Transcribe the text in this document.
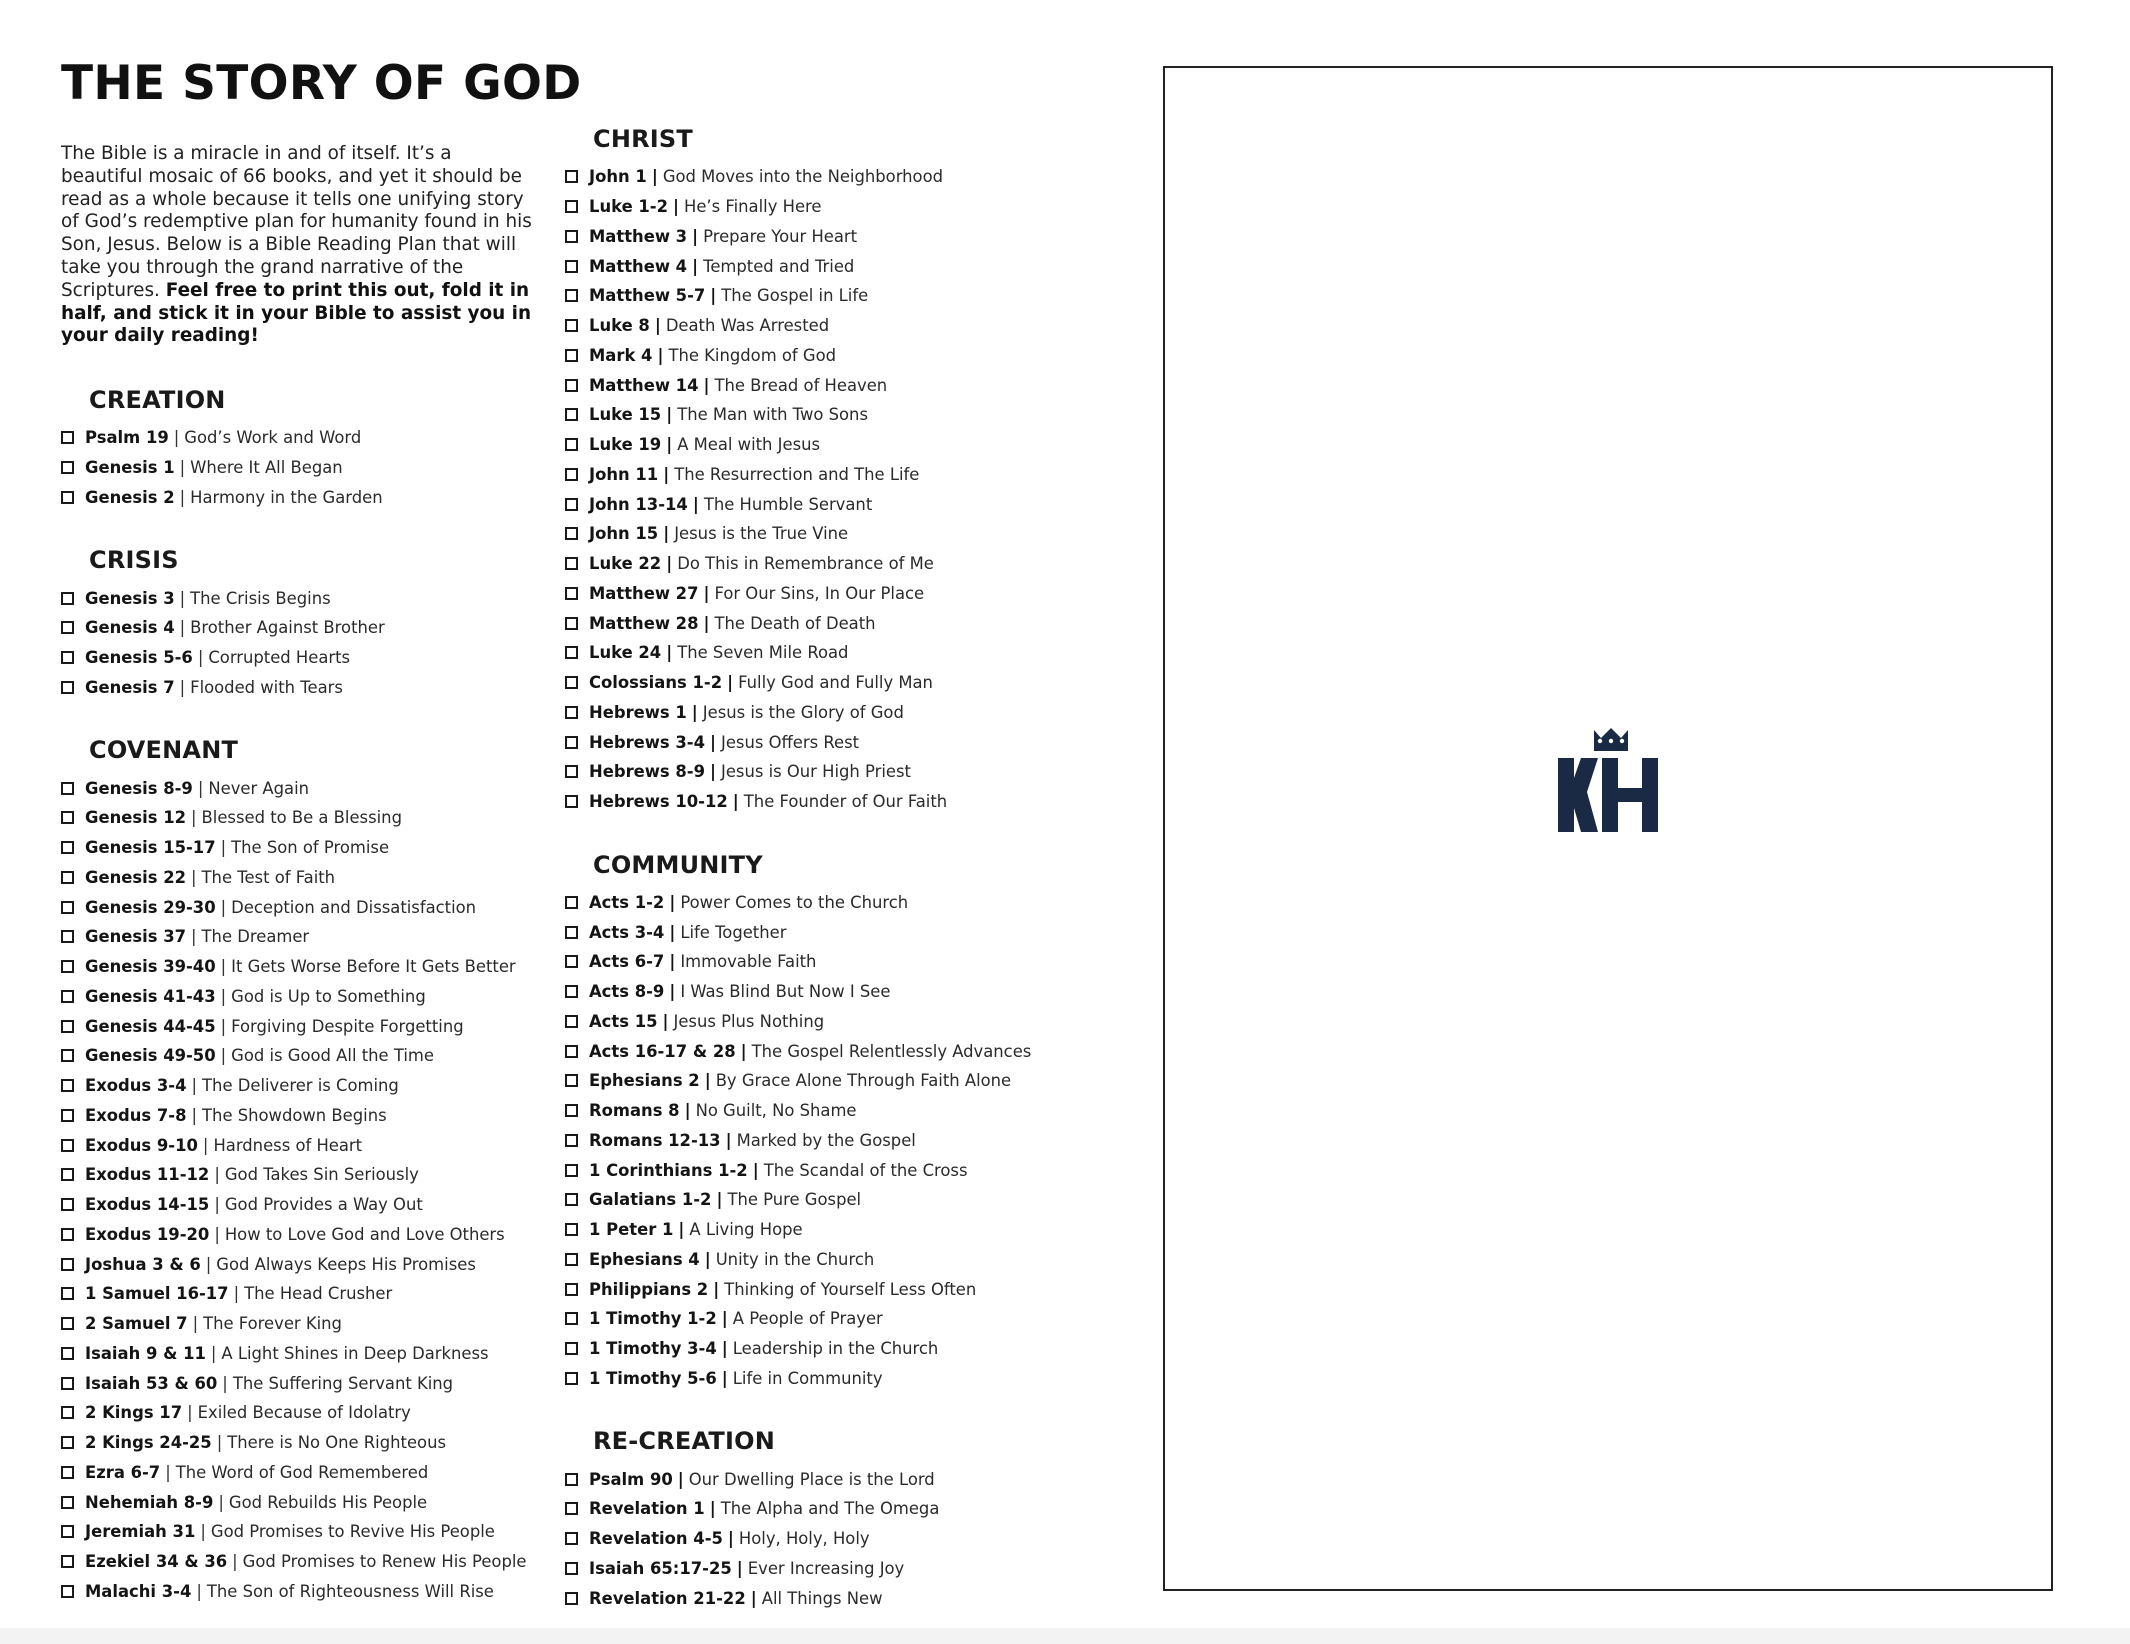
THE STORY OF GOD

The Bible is a miracle in and of itself. It’s a beautiful mosaic of 66 books, and yet it should be read as a whole because it tells one unifying story of God’s redemptive plan for humanity found in his Son, Jesus. Below is a Bible Reading Plan that will take you through the grand narrative of the Scriptures. Feel free to print this out, fold it in half, and stick it in your Bible to assist you in your daily reading!

CREATION
Psalm 19 | God’s Work and Word
Genesis 1 | Where It All Began
Genesis 2 | Harmony in the Garden
CRISIS
Genesis 3 | The Crisis Begins
Genesis 4 | Brother Against Brother
Genesis 5-6 | Corrupted Hearts
Genesis 7 | Flooded with Tears
COVENANT
Genesis 8-9 | Never Again
Genesis 12 | Blessed to Be a Blessing
Genesis 15-17 | The Son of Promise
Genesis 22 | The Test of Faith
Genesis 29-30 | Deception and Dissatisfaction
Genesis 37 | The Dreamer
Genesis 39-40 | It Gets Worse Before It Gets Better
Genesis 41-43 | God is Up to Something
Genesis 44-45 | Forgiving Despite Forgetting
Genesis 49-50 | God is Good All the Time
Exodus 3-4 | The Deliverer is Coming
Exodus 7-8 | The Showdown Begins
Exodus 9-10 | Hardness of Heart
Exodus 11-12 | God Takes Sin Seriously
Exodus 14-15 | God Provides a Way Out
Exodus 19-20 | How to Love God and Love Others
Joshua 3 & 6 | God Always Keeps His Promises
1 Samuel 16-17 | The Head Crusher
2 Samuel 7 | The Forever King
Isaiah 9 & 11 | A Light Shines in Deep Darkness
Isaiah 53 & 60 | The Suffering Servant King
2 Kings 17 | Exiled Because of Idolatry
2 Kings 24-25 | There is No One Righteous
Ezra 6-7 | The Word of God Remembered
Nehemiah 8-9 | God Rebuilds His People
Jeremiah 31 | God Promises to Revive His People
Ezekiel 34 & 36 | God Promises to Renew His People
Malachi 3-4 | The Son of Righteousness Will Rise
CHRIST
John 1 | God Moves into the Neighborhood
Luke 1-2 | He’s Finally Here
Matthew 3 | Prepare Your Heart
Matthew 4 | Tempted and Tried
Matthew 5-7 | The Gospel in Life
Luke 8 | Death Was Arrested
Mark 4 | The Kingdom of God
Matthew 14 | The Bread of Heaven
Luke 15 | The Man with Two Sons
Luke 19 | A Meal with Jesus
John 11 | The Resurrection and The Life
John 13-14 | The Humble Servant
John 15 | Jesus is the True Vine
Luke 22 | Do This in Remembrance of Me
Matthew 27 | For Our Sins, In Our Place
Matthew 28 | The Death of Death
Luke 24 | The Seven Mile Road
Colossians 1-2 | Fully God and Fully Man
Hebrews 1 | Jesus is the Glory of God
Hebrews 3-4 | Jesus Offers Rest
Hebrews 8-9 | Jesus is Our High Priest
Hebrews 10-12 | The Founder of Our Faith
COMMUNITY
Acts 1-2 | Power Comes to the Church
Acts 3-4 | Life Together
Acts 6-7 | Immovable Faith
Acts 8-9 | I Was Blind But Now I See
Acts 15 | Jesus Plus Nothing
Acts 16-17 & 28 | The Gospel Relentlessly Advances
Ephesians 2 | By Grace Alone Through Faith Alone
Romans 8 | No Guilt, No Shame
Romans 12-13 | Marked by the Gospel
1 Corinthians 1-2 | The Scandal of the Cross
Galatians 1-2 | The Pure Gospel
1 Peter 1 | A Living Hope
Ephesians 4 | Unity in the Church
Philippians 2 | Thinking of Yourself Less Often
1 Timothy 1-2 | A People of Prayer
1 Timothy 3-4 | Leadership in the Church
1 Timothy 5-6 | Life in Community
RE-CREATION
Psalm 90 | Our Dwelling Place is the Lord
Revelation 1 | The Alpha and The Omega
Revelation 4-5 | Holy, Holy, Holy
Isaiah 65:17-25 | Ever Increasing Joy
Revelation 21-22 | All Things New
